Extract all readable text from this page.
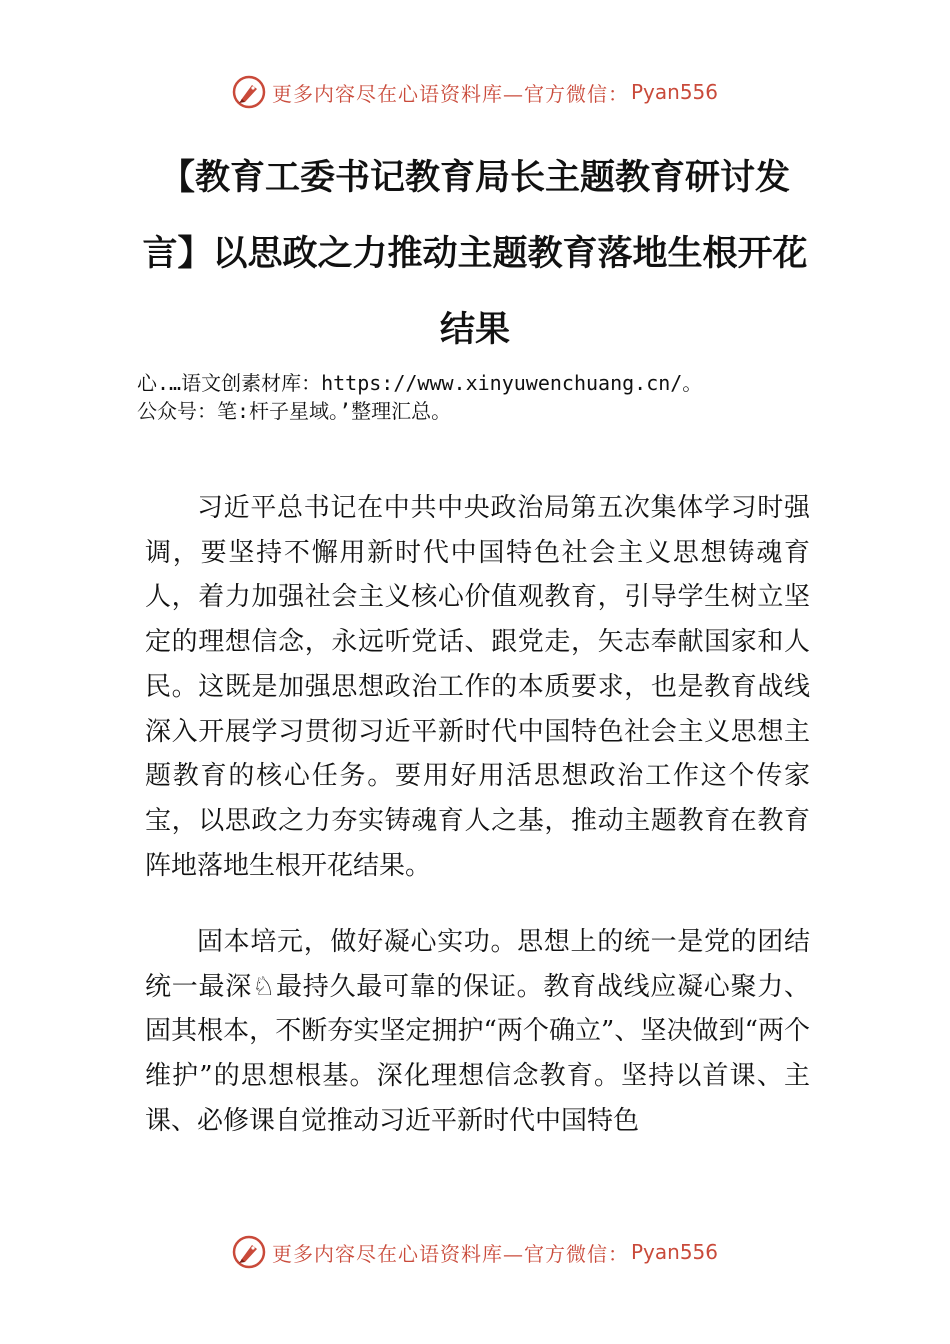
更多内容尽在心语资料库—官方微信： Pyan556
【教育工委书记教育局长主题教育研讨发言】以思政之力推动主题教育落地生根开花结果
心.…语文创素材库：https://www.xinyuwenchuang.cn/。
公众号：笔:杆子星域。’整理汇总。

习近平总书记在中共中央政治局第五次集体学习时强调，要坚持不懈用新时代中国特色社会主义思想铸魂育人，着力加强社会主义核心价值观教育，引导学生树立坚定的理想信念，永远听党话、跟党走，矢志奉献国家和人民。这既是加强思想政治工作的本质要求，也是教育战线深入开展学习贯彻习近平新时代中国特色社会主义思想主题教育的核心任务。要用好用活思想政治工作这个传家宝，以思政之力夯实铸魂育人之基，推动主题教育在教育阵地落地生根开花结果。

固本培元，做好凝心实功。思想上的统一是党的团结统一最深♘最持久最可靠的保证。教育战线应凝心聚力、固其根本，不断夯实坚定拥护“两个确立”、坚决做到“两个维护”的思想根基。深化理想信念教育。坚持以首课、主课、必修课自觉推动习近平新时代中国特色

更多内容尽在心语资料库—官方微信： Pyan556
